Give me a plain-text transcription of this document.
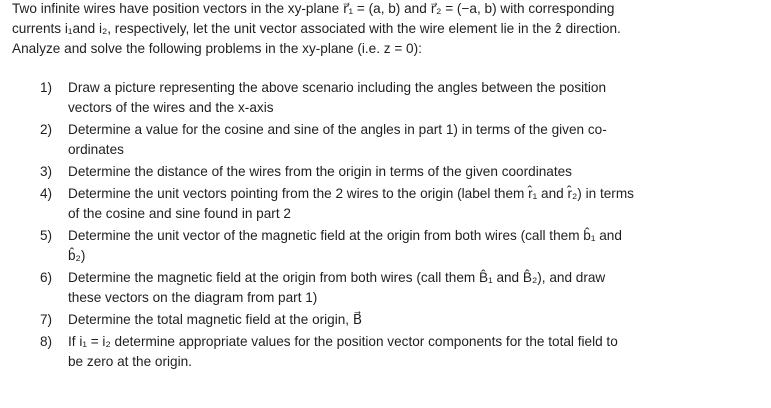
Two infinite wires have position vectors in the xy-plane r⃗₁ = (a, b) and r⃗₂ = (−a, b) with corresponding

currents i₁and i₂, respectively, let the unit vector associated with the wire element lie in the ẑ direction.

Analyze and solve the following problems in the xy-plane (i.e. z = 0):

1) Draw a picture representing the above scenario including the angles between the position
vectors of the wires and the x-axis
2) Determine a value for the cosine and sine of the angles in part 1) in terms of the given co-
ordinates
3) Determine the distance of the wires from the origin in terms of the given coordinates
4) Determine the unit vectors pointing from the 2 wires to the origin (label them r̂₁ and r̂₂) in terms
of the cosine and sine found in part 2
5) Determine the unit vector of the magnetic field at the origin from both wires (call them b̂₁ and
b̂₂)
6) Determine the magnetic field at the origin from both wires (call them B̂₁ and B̂₂), and draw
these vectors on the diagram from part 1)
7) Determine the total magnetic field at the origin, B⃗
8) If i₁ = i₂ determine appropriate values for the position vector components for the total field to
be zero at the origin.
